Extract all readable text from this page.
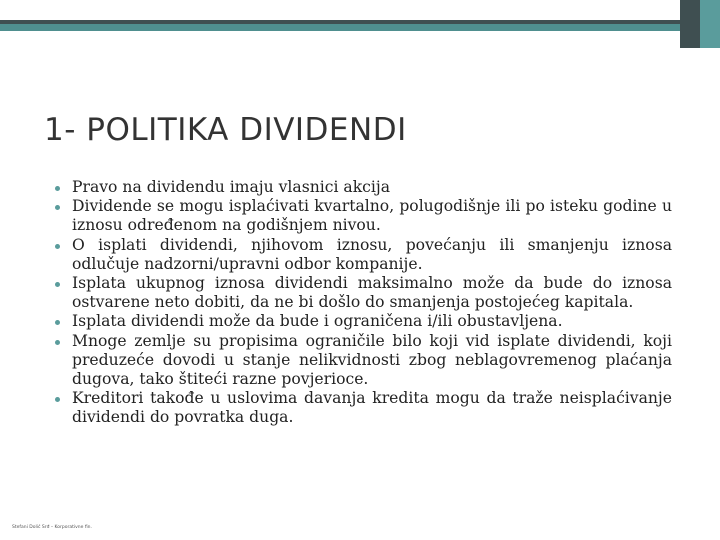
1- POLITIKA DIVIDENDI
Pravo na dividendu imaju vlasnici akcija
Dividende se mogu isplaćivati kvartalno, polugodišnje ili po isteku godine u iznosu određenom na godišnjem nivou.
O isplati dividendi, njihovom iznosu, povećanju ili smanjenju iznosa odlučuje nadzorni/upravni odbor kompanije.
Isplata ukupnog iznosa dividendi maksimalno može da bude do iznosa ostvarene neto dobiti, da ne bi došlo do smanjenja postojećeg kapitala.
Isplata dividendi može da bude i ograničena i/ili obustavljena.
Mnoge zemlje su propisima ograničile bilo koji vid isplate dividendi, koji preduzeće dovodi u stanje nelikvidnosti zbog neblagovremenog plaćanja dugova, tako štiteći razne povjerioce.
Kreditori takođe u uslovima davanja kredita mogu da traže neisplaćivanje dividendi do povratka duga.
Stefani Dolić Srđ – Korporativne fin.
